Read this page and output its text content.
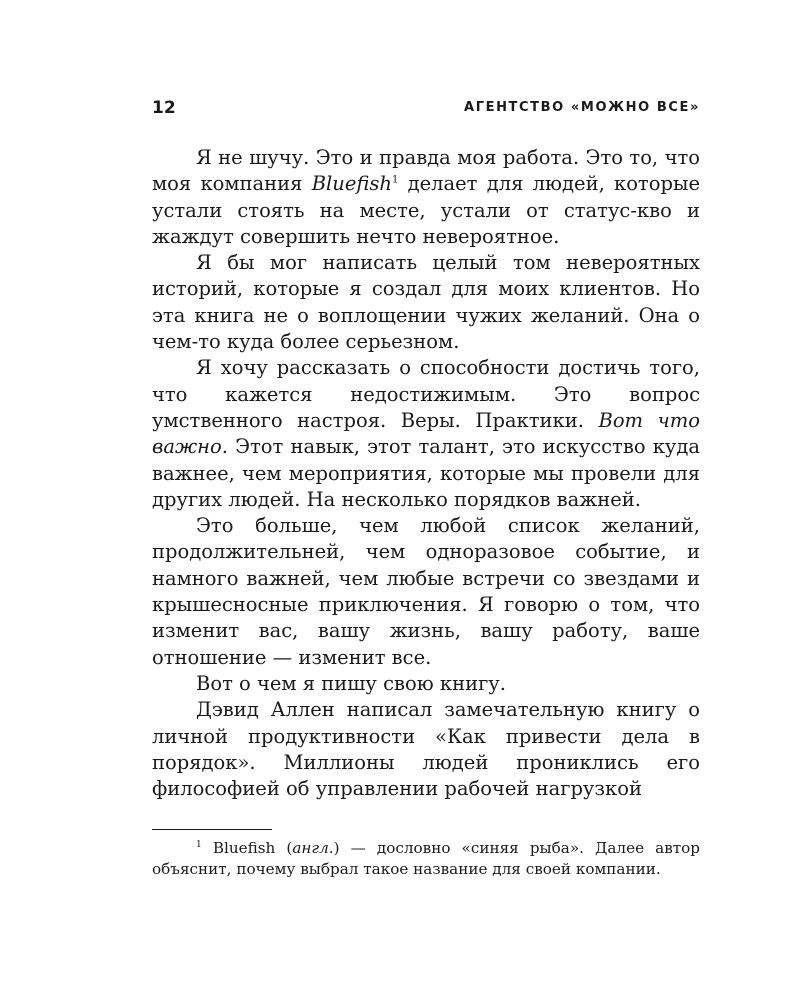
12	АГЕНТСТВО «МОЖНО ВСЕ»

Я не шучу. Это и правда моя работа. Это то, что моя компания Bluefish$^1$ делает для людей, которые устали стоять на месте, устали от статус-кво и жаждут совершить нечто невероятное.

Я бы мог написать целый том невероятных историй, которые я создал для моих клиентов. Но эта книга не о воплощении чужих желаний. Она о чем-то куда более серьезном.

Я хочу рассказать о способности достичь того, что кажется недостижимым. Это вопрос умственного настроя. Веры. Практики. Вот что важно. Этот навык, этот талант, это искусство куда важнее, чем мероприятия, которые мы провели для других людей. На несколько порядков важней.

Это больше, чем любой список желаний, продолжительней, чем одноразовое событие, и намного важней, чем любые встречи со звездами и крышесносные приключения. Я говорю о том, что изменит вас, вашу жизнь, вашу работу, ваше отношение — изменит все.

Вот о чем я пишу свою книгу.

Дэвид Аллен написал замечательную книгу о личной продуктивности «Как привести дела в порядок». Миллионы людей прониклись его философией об управлении рабочей нагрузкой

$^1$ Bluefish (англ.) — дословно «синяя рыба». Далее автор объяснит, почему выбрал такое название для своей компании.
